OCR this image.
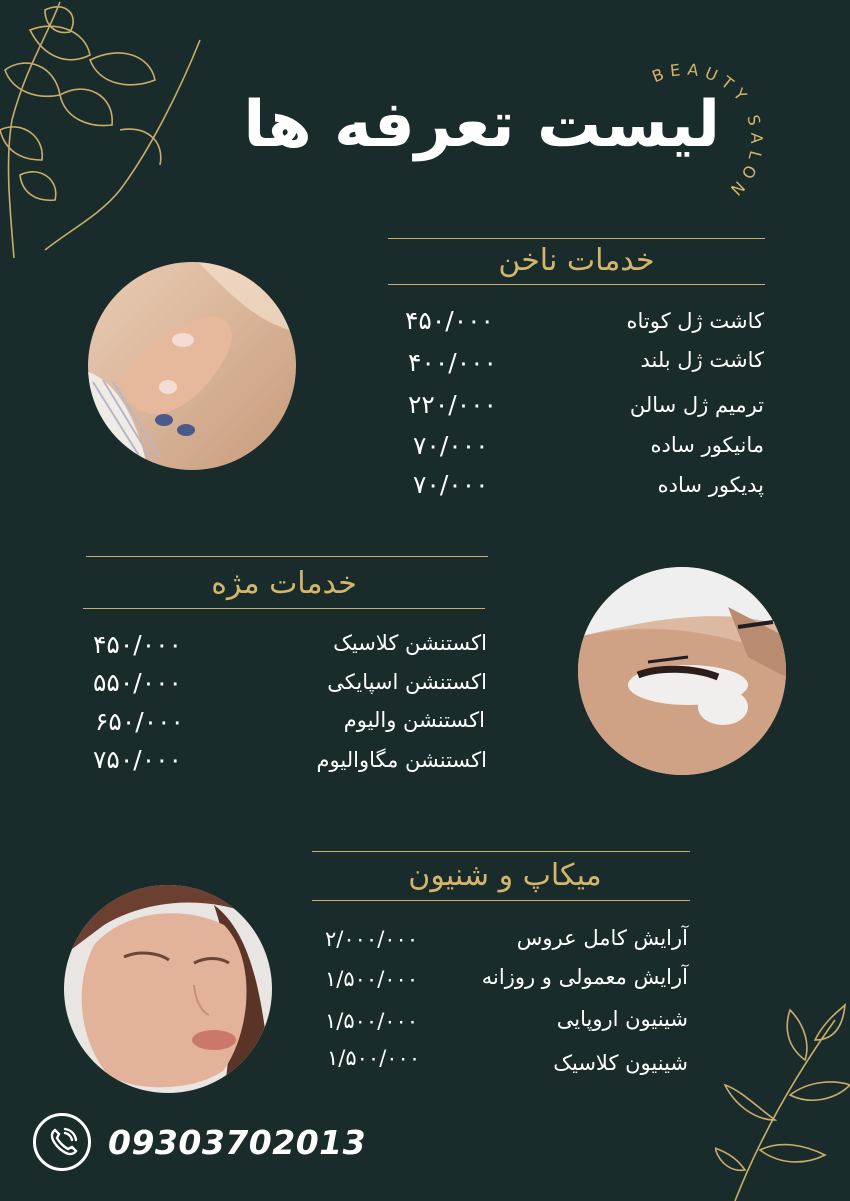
BEAUTY SALON
لیست تعرفه ها
خدمات ناخن
کاشت ژل کوتاه
۴۵۰/۰۰۰
کاشت ژل بلند
۴۰۰/۰۰۰
ترمیم ژل سالن
۲۲۰/۰۰۰
مانیکور ساده
۷۰/۰۰۰
پدیکور ساده
۷۰/۰۰۰
خدمات مژه
اکستنشن کلاسیک
۴۵۰/۰۰۰
اکستنشن اسپایکی
۵۵۰/۰۰۰
اکستنشن والیوم
۶۵۰/۰۰۰
اکستنشن مگاوالیوم
۷۵۰/۰۰۰
میکاپ و شنیون
آرایش کامل عروس
۲/۰۰۰/۰۰۰
آرایش معمولی و روزانه
۱/۵۰۰/۰۰۰
شینیون اروپایی
۱/۵۰۰/۰۰۰
شینیون کلاسیک
۱/۵۰۰/۰۰۰
09303702013
